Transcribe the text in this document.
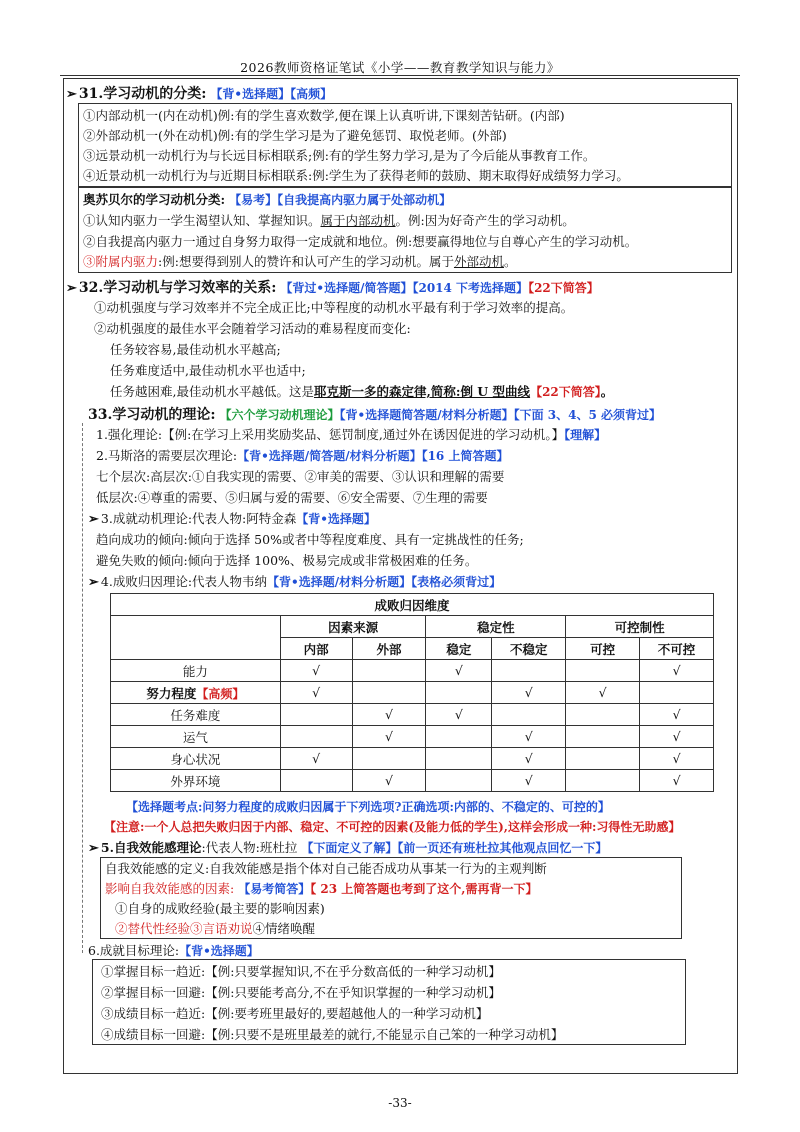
2026教师资格证笔试《小学——教育教学知识与能力》
➢ 31.学习动机的分类: 【背•选择题】【高频】
①内部动机一(内在动机)例:有的学生喜欢数学,便在课上认真听讲,下课刻苦钻研。(内部)
②外部动机一(外在动机)例:有的学生学习是为了避免惩罚、取悦老师。(外部)
③远景动机一动机行为与长远目标相联系;例:有的学生努力学习,是为了今后能从事教育工作。
④近景动机一动机行为与近期目标相联系:例:学生为了获得老师的鼓励、期末取得好成绩努力学习。
奥苏贝尔的学习动机分类: 【易考】【自我提高内驱力属于处部动机】
①认知内驱力一学生渴望认知、掌握知识。属于内部动机。例:因为好奇产生的学习动机。
②自我提高内驱力一通过自身努力取得一定成就和地位。例:想要赢得地位与自尊心产生的学习动机。
③附属内驱力:例:想要得到别人的赞许和认可产生的学习动机。属于外部动机。
➢ 32.学习动机与学习效率的关系: 【背过•选择题/简答题】【2014 下考选择题】【22下简答】
①动机强度与学习效率并不完全成正比;中等程度的动机水平最有利于学习效率的提高。
②动机强度的最佳水平会随着学习活动的难易程度而变化:
任务较容易,最佳动机水平越高;
任务难度适中,最佳动机水平也适中;
任务越困难,最佳动机水平越低。这是耶克斯一多的森定律,简称:倒 U 型曲线【22下简答】。
33.学习动机的理论: 【六个学习动机理论】【背•选择题简答题/材料分析题】【下面 3、4、5 必须背过】
1.强化理论:【例:在学习上采用奖励奖品、惩罚制度,通过外在诱因促进的学习动机。】【理解】
2.马斯洛的需要层次理论:【背•选择题/简答题/材料分析题】【16 上简答题】
七个层次:高层次:①自我实现的需要、②审美的需要、③认识和理解的需要
低层次:④尊重的需要、⑤归属与爱的需要、⑥安全需要、⑦生理的需要
➢ 3.成就动机理论:代表人物:阿特金森【背•选择题】
趋向成功的倾向:倾向于选择 50%或者中等程度难度、具有一定挑战性的任务;
避免失败的倾向:倾向于选择 100%、极易完成或非常极困难的任务。
➢ 4.成败归因理论:代表人物韦纳【背•选择题/材料分析题】【表格必须背过】
成败归因维度						
	因素来源		稳定性		可控制性	
	内部	外部	稳定	不稳定	可控	不可控
能力	√		√			√
努力程度【高频】	√			√	√	
任务难度		√	√			√
运气		√		√		√
身心状况	√			√		√
外界环境		√		√		√
【选择题考点:问努力程度的成败归因属于下列选项?正确选项:内部的、不稳定的、可控的】
【注意:一个人总把失败归因于内部、稳定、不可控的因素(及能力低的学生),这样会形成一种:习得性无助感】
➢ 5.自我效能感理论:代表人物:班杜拉 【下面定义了解】【前一页还有班杜拉其他观点回忆一下】
自我效能感的定义:自我效能感是指个体对自己能否成功从事某一行为的主观判断
影响自我效能感的因素: 【易考简答】【 23 上简答题也考到了这个,需再背一下】
①自身的成败经验(最主要的影响因素)
②替代性经验③言语劝说④情绪唤醒
6.成就目标理论:【背•选择题】
①掌握目标一趋近:【例:只要掌握知识,不在乎分数高低的一种学习动机】
②掌握目标一回避:【例:只要能考高分,不在乎知识掌握的一种学习动机】
③成绩目标一趋近:【例:要考班里最好的,要超越他人的一种学习动机】
④成绩目标一回避:【例:只要不是班里最差的就行,不能显示自己笨的一种学习动机】
-33-
